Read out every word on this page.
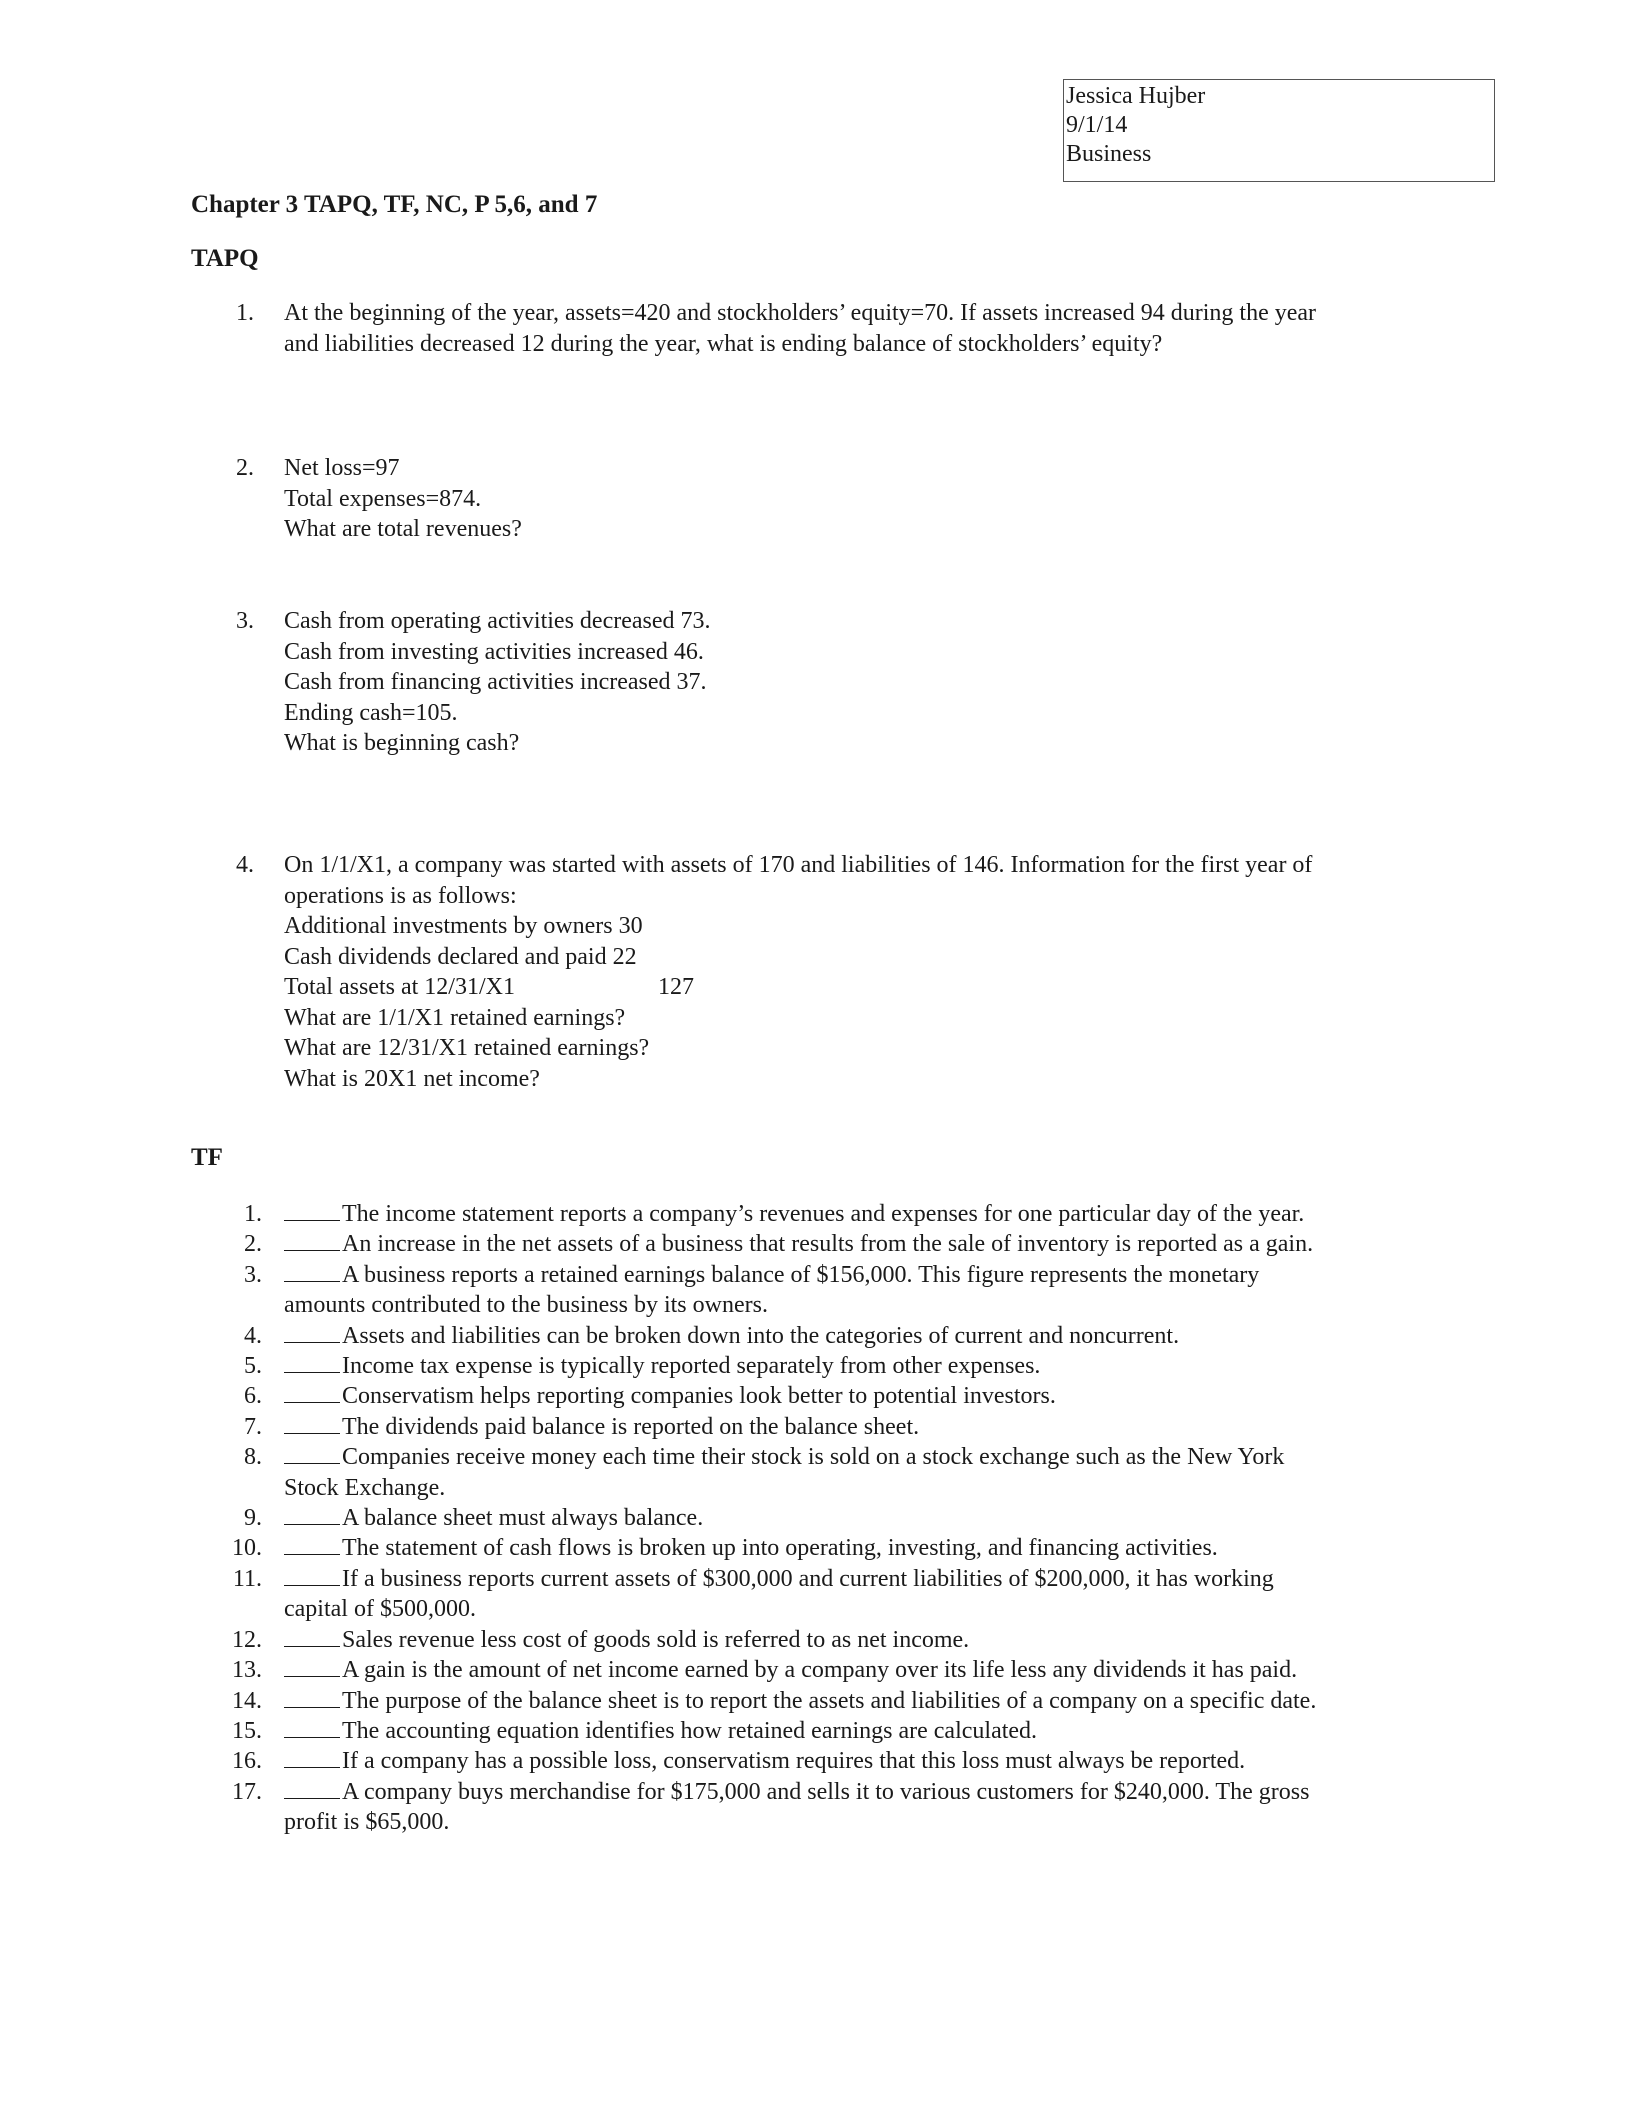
Jessica Hujber
9/1/14
Business
Chapter 3 TAPQ, TF, NC, P 5,6, and 7
TAPQ
1. At the beginning of the year, assets=420 and stockholders’ equity=70. If assets increased 94 during the year
and liabilities decreased 12 during the year, what is ending balance of stockholders’ equity?
2. Net loss=97
Total expenses=874.
What are total revenues?
3. Cash from operating activities decreased 73.
Cash from investing activities increased 46.
Cash from financing activities increased 37.
Ending cash=105.
What is beginning cash?
4. On 1/1/X1, a company was started with assets of 170 and liabilities of 146. Information for the first year of
operations is as follows:
Additional investments by owners 30
Cash dividends declared and paid 22
Total assets at 12/31/X1	127
What are 1/1/X1 retained earnings?
What are 12/31/X1 retained earnings?
What is 20X1 net income?
TF
1.	The income statement reports a company’s revenues and expenses for one particular day of the year.
2.	An increase in the net assets of a business that results from the sale of inventory is reported as a gain.
3.	A business reports a retained earnings balance of $156,000. This figure represents the monetary
amounts contributed to the business by its owners.
4.	Assets and liabilities can be broken down into the categories of current and noncurrent.
5.	Income tax expense is typically reported separately from other expenses.
6.	Conservatism helps reporting companies look better to potential investors.
7.	The dividends paid balance is reported on the balance sheet.
8.	Companies receive money each time their stock is sold on a stock exchange such as the New York
Stock Exchange.
9.	A balance sheet must always balance.
10.	The statement of cash flows is broken up into operating, investing, and financing activities.
11.	If a business reports current assets of $300,000 and current liabilities of $200,000, it has working
capital of $500,000.
12.	Sales revenue less cost of goods sold is referred to as net income.
13.	A gain is the amount of net income earned by a company over its life less any dividends it has paid.
14.	The purpose of the balance sheet is to report the assets and liabilities of a company on a specific date.
15.	The accounting equation identifies how retained earnings are calculated.
16.	If a company has a possible loss, conservatism requires that this loss must always be reported.
17.	A company buys merchandise for $175,000 and sells it to various customers for $240,000. The gross
profit is $65,000.
